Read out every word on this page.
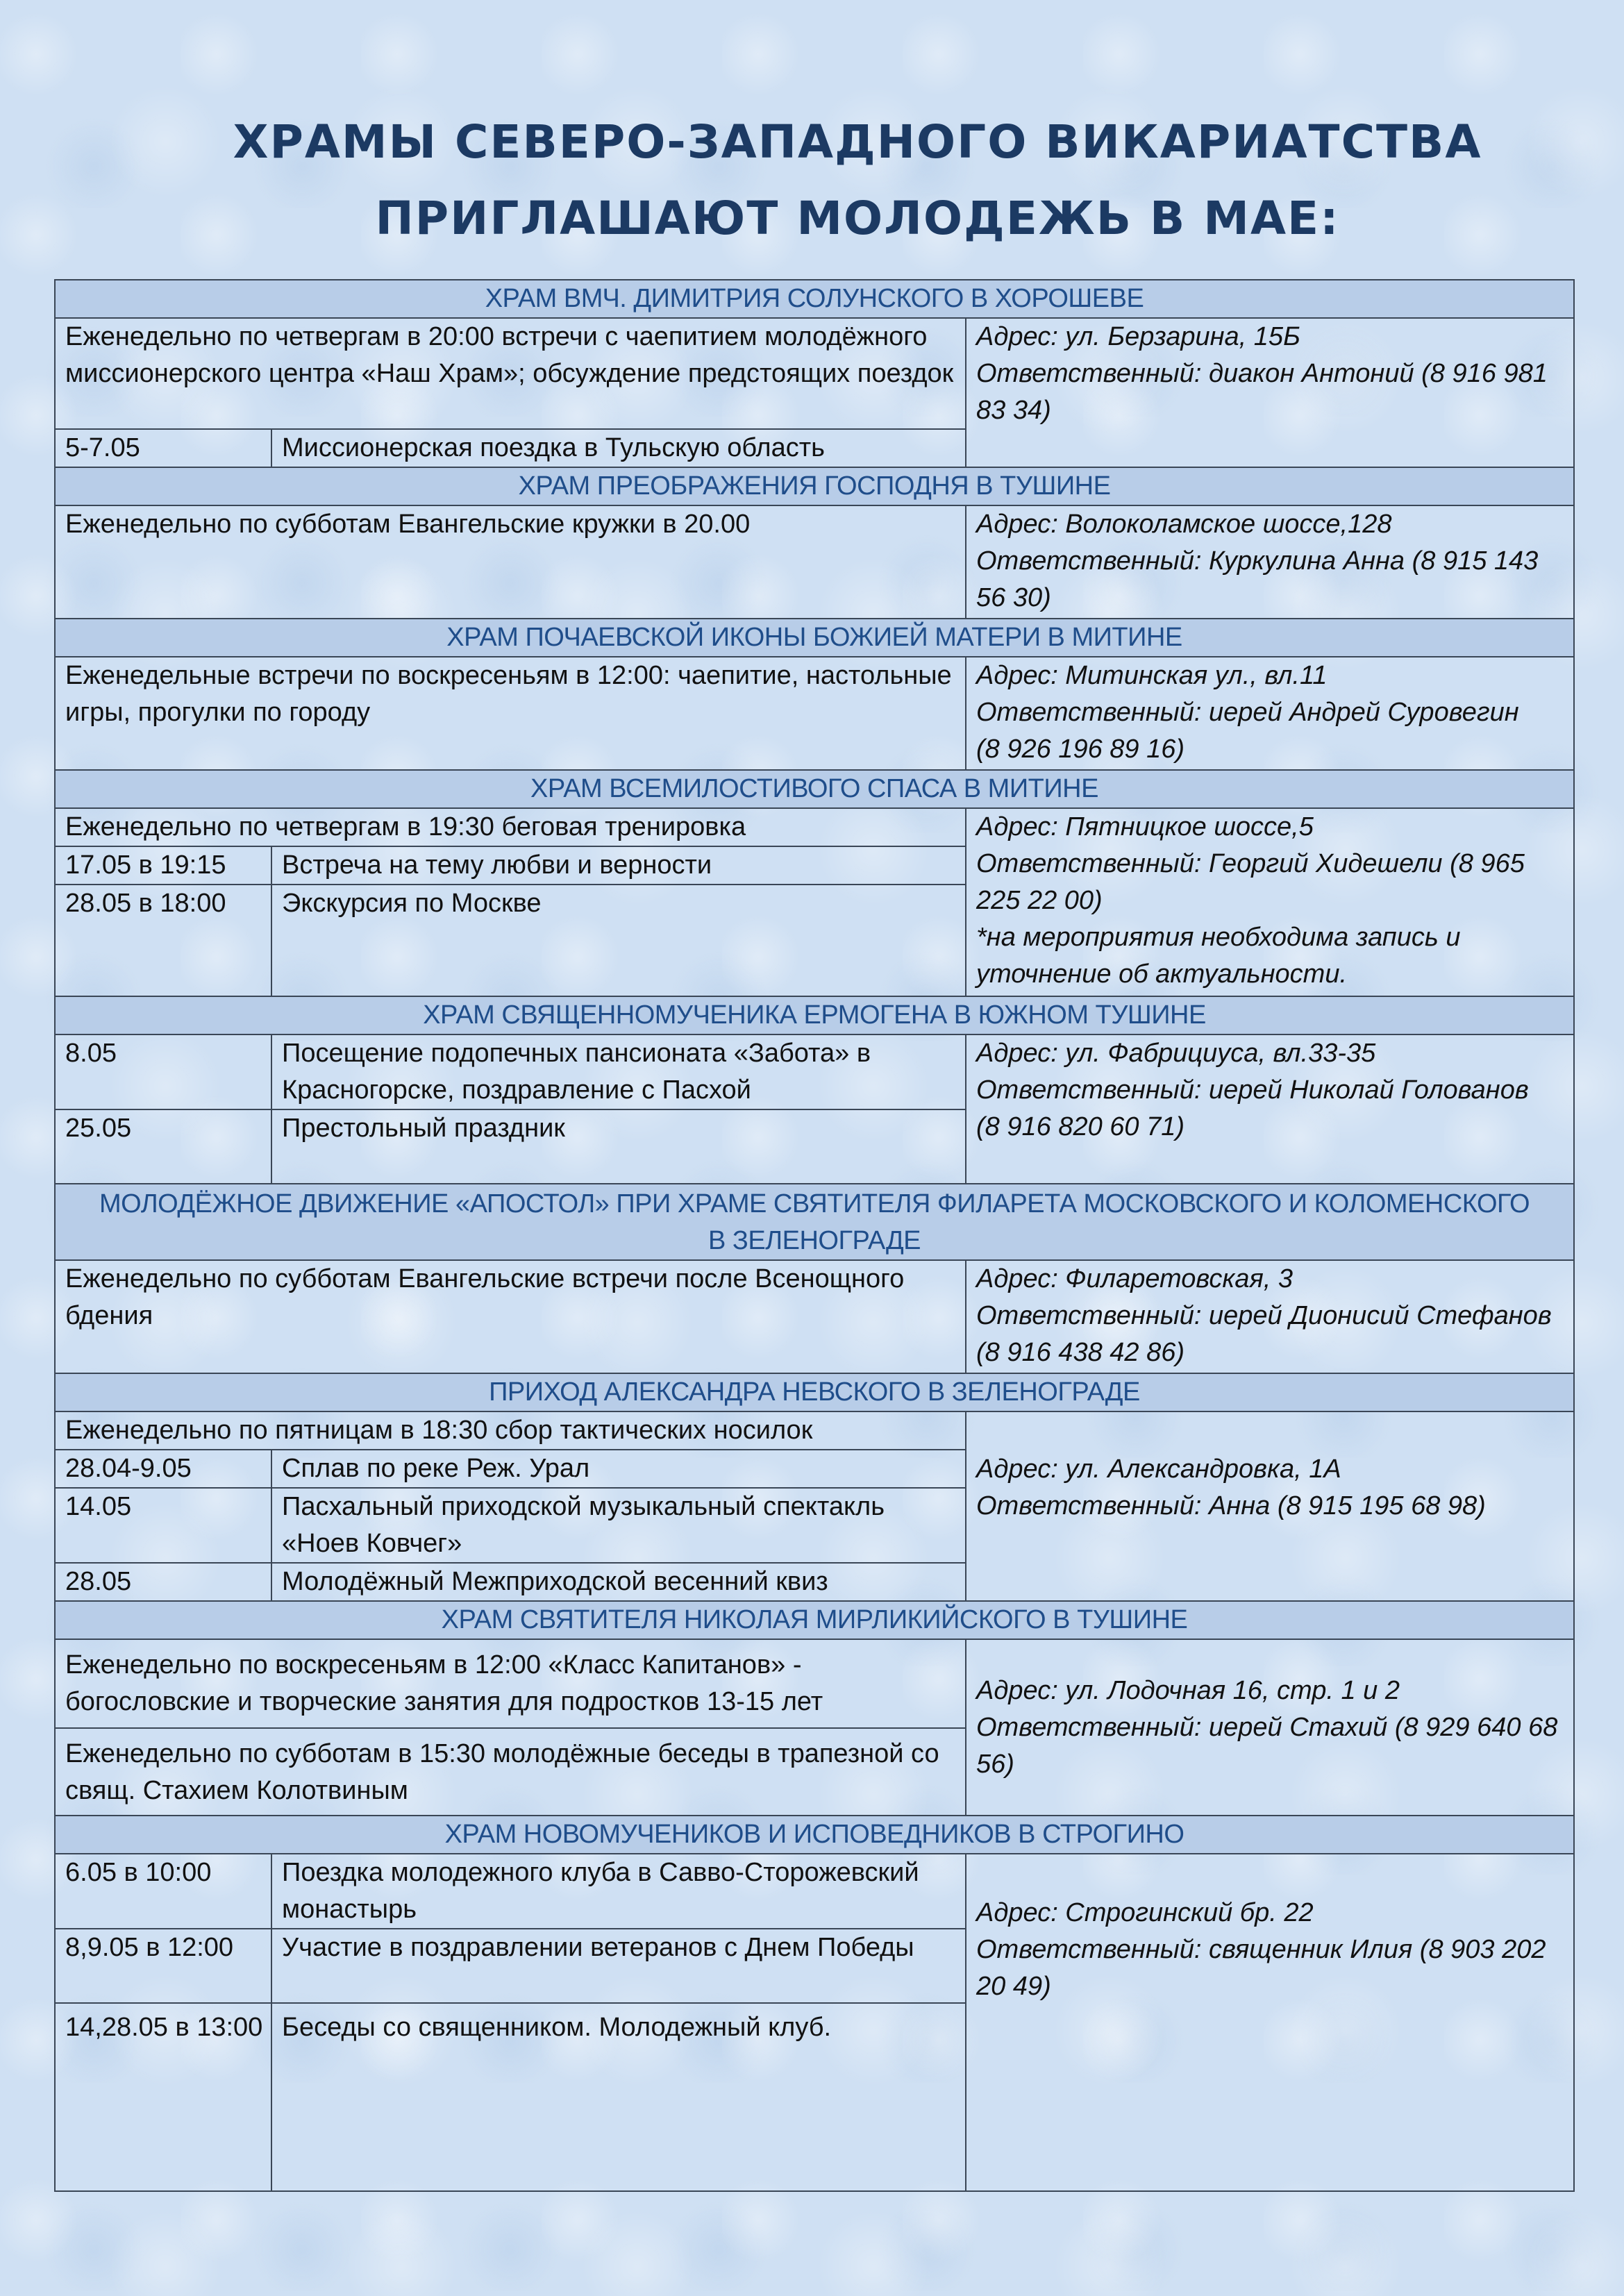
ХРАМЫ СЕВЕРО-ЗАПАДНОГО ВИКАРИАТСТВА
ПРИГЛАШАЮТ МОЛОДЕЖЬ В МАЕ:
ХРАМ ВМЧ. ДИМИТРИЯ СОЛУНСКОГО В ХОРОШЕВЕ		
Еженедельно по четвергам в 20:00 встречи с чаепитием молодёжного миссионерского центра «Наш Храм»; обсуждение предстоящих поездок		Адрес: ул. Берзарина, 15Б
Ответственный: диакон Антоний (8 916 981 83 34)

5-7.05	Миссионерская поездка в Тульскую область	
ХРАМ ПРЕОБРАЖЕНИЯ ГОСПОДНЯ В ТУШИНЕ		
Еженедельно по субботам Евангельские кружки в 20.00		Адрес: Волоколамское шоссе,128
Ответственный: Куркулина Анна (8 915 143 56 30)

ХРАМ ПОЧАЕВСКОЙ ИКОНЫ БОЖИЕЙ МАТЕРИ В МИТИНЕ		
Еженедельные встречи по воскресеньям в 12:00: чаепитие, настольные игры, прогулки по городу		Адрес: Митинская ул., вл.11
Ответственный: иерей Андрей Суровегин
(8 926 196 89 16)

ХРАМ ВСЕМИЛОСТИВОГО СПАСА В МИТИНЕ		
Еженедельно по четвергам в 19:30 беговая тренировка		Адрес: Пятницкое шоссе,5
Ответственный: Георгий Хидешели (8 965 225 22 00)
*на мероприятия необходима запись и уточнение об актуальности.

17.05 в 19:15	Встреча на тему любви и верности	
28.05 в 18:00	Экскурсия по Москве	
ХРАМ СВЯЩЕННОМУЧЕНИКА ЕРМОГЕНА В ЮЖНОМ ТУШИНЕ		
8.05	Посещение подопечных пансионата «Забота» в Красногорске, поздравление с Пасхой	Адрес: ул. Фабрициуса, вл.33-35
Ответственный: иерей Николай Голованов
(8 916 820 60 71)

25.05	Престольный праздник	

МОЛОДЁЖНОЕ ДВИЖЕНИЕ «АПОСТОЛ» ПРИ ХРАМЕ СВЯТИТЕЛЯ ФИЛАРЕТА МОСКОВСКОГО И КОЛОМЕНСКОГО
В ЗЕЛЕНОГРАДЕ		

Еженедельно по субботам Евангельские встречи после Всенощного бдения		Адрес: Филаретовская, 3
Ответственный: иерей Дионисий Стефанов
(8 916 438 42 86)

ПРИХОД АЛЕКСАНДРА НЕВСКОГО В ЗЕЛЕНОГРАДЕ		
Еженедельно по пятницам в 18:30 сбор тактических носилок		Адрес: ул. Александровка, 1А
Ответственный: Анна (8 915 195 68 98)

28.04-9.05	Сплав по реке Реж. Урал	
14.05	Пасхальный приходской музыкальный спектакль «Ноев Ковчег»	
28.05	Молодёжный Межприходской весенний квиз	
ХРАМ СВЯТИТЕЛЯ НИКОЛАЯ МИРЛИКИЙСКОГО В ТУШИНЕ		
Еженедельно по воскресеньям в 12:00 «Класс Капитанов» - богословские и творческие занятия для подростков 13-15 лет		Адрес: ул. Лодочная 16, стр. 1 и 2
Ответственный: иерей Стахий (8 929 640 68 56)

Еженедельно по субботам в 15:30 молодёжные беседы в трапезной со свящ. Стахием Колотвиным		
ХРАМ НОВОМУЧЕНИКОВ И ИСПОВЕДНИКОВ В СТРОГИНО		
6.05 в 10:00	Поездка молодежного клуба в Савво-Сторожевский монастырь	Адрес: Строгинский бр. 22
Ответственный: священник Илия (8 903 202 20 49)

8,9.05 в 12:00	Участие в поздравлении ветеранов с Днем Победы	
14,28.05 в 13:00	Беседы со священником. Молодежный клуб.	
